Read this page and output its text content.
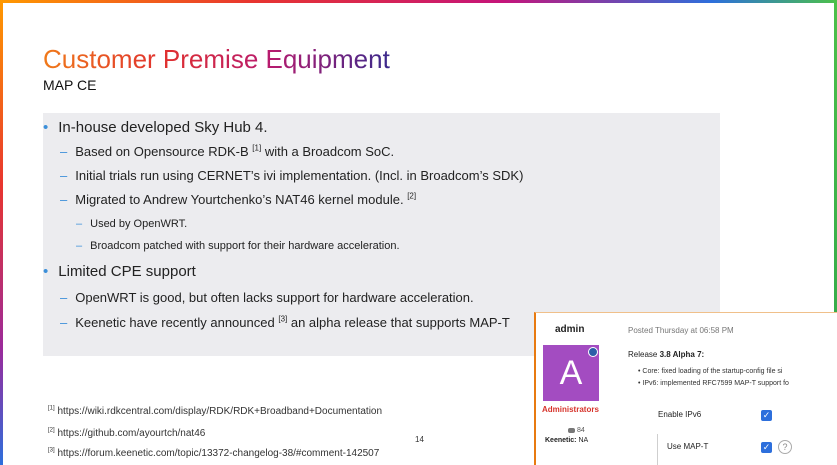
Customer Premise Equipment
MAP CE
• In-house developed Sky Hub 4.
– Based on Opensource RDK-B [1] with a Broadcom SoC.
– Initial trials run using CERNET’s ivi implementation. (Incl. in Broadcom’s SDK)
– Migrated to Andrew Yourtchenko’s NAT46 kernel module. [2]
– Used by OpenWRT.
– Broadcom patched with support for their hardware acceleration.
• Limited CPE support
– OpenWRT is good, but often lacks support for hardware acceleration.
– Keenetic have recently announced [3] an alpha release that supports MAP-T
[1] https://wiki.rdkcentral.com/display/RDK/RDK+Broadband+Documentation
[2] https://github.com/ayourtch/nat46
[3] https://forum.keenetic.com/topic/13372-changelog-38/#comment-142507
14
admin
A
Administrators
84
Keenetic: NA
Posted Thursday at 06:58 PM
Release 3.8 Alpha 7:
• Core: fixed loading of the startup-config file si
• IPv6: implemented RFC7599 MAP-T support fo
Enable IPv6	✓
Use MAP-T	✓	?
